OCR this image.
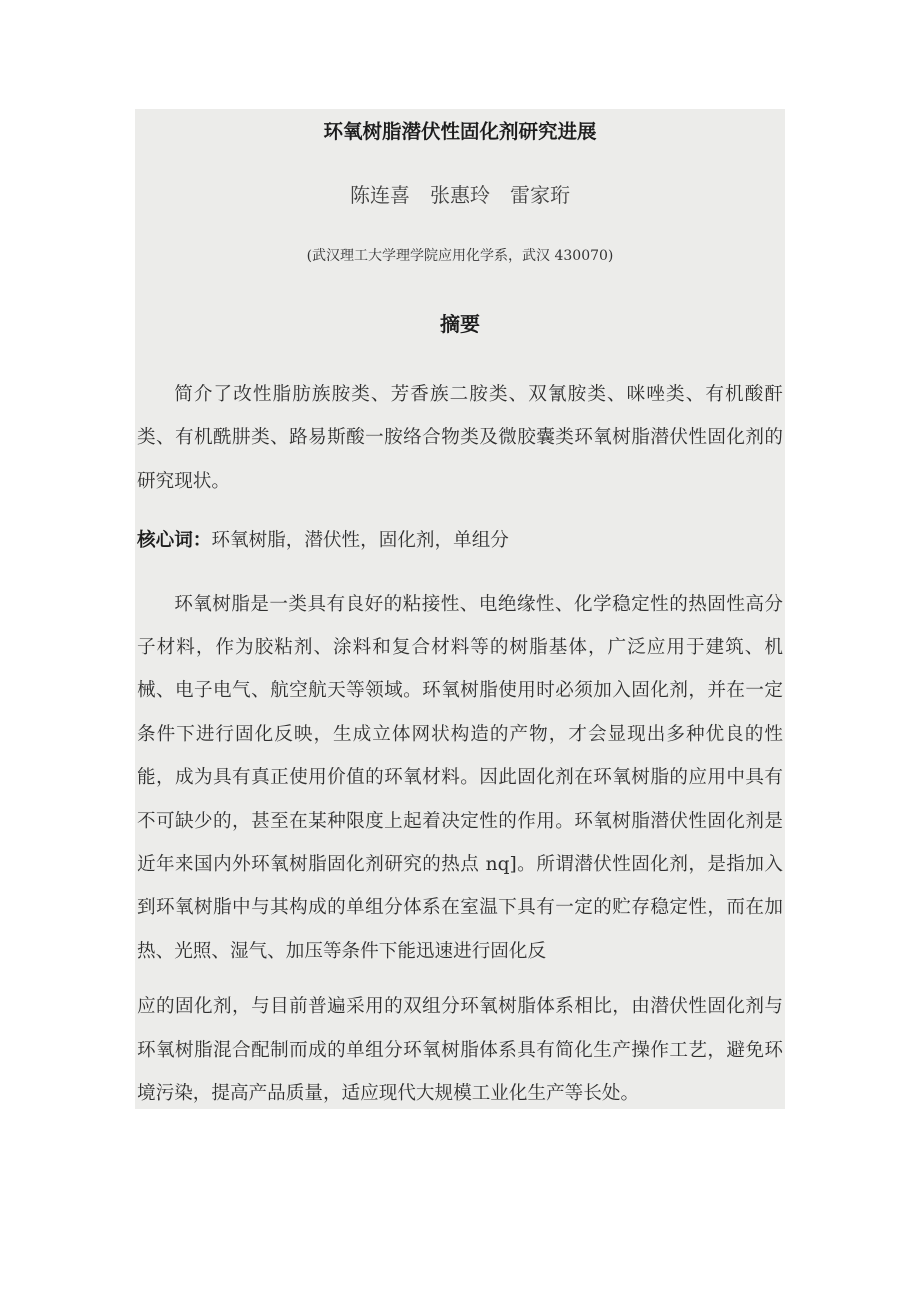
环氧树脂潜伏性固化剂研究进展
陈连喜　张惠玲　雷家珩
(武汉理工大学理学院应用化学系，武汉 430070)
摘要

简介了改性脂肪族胺类、芳香族二胺类、双氰胺类、咪唑类、有机酸酐类、有机酰肼类、路易斯酸一胺络合物类及微胶囊类环氧树脂潜伏性固化剂的研究现状。

核心词：环氧树脂，潜伏性，固化剂，单组分

环氧树脂是一类具有良好的粘接性、电绝缘性、化学稳定性的热固性高分子材料，作为胶粘剂、涂料和复合材料等的树脂基体，广泛应用于建筑、机械、电子电气、航空航天等领域。环氧树脂使用时必须加入固化剂，并在一定条件下进行固化反映，生成立体网状构造的产物，才会显现出多种优良的性能，成为具有真正使用价值的环氧材料。因此固化剂在环氧树脂的应用中具有不可缺少的，甚至在某种限度上起着决定性的作用。环氧树脂潜伏性固化剂是近年来国内外环氧树脂固化剂研究的热点 nq]。所谓潜伏性固化剂，是指加入到环氧树脂中与其构成的单组分体系在室温下具有一定的贮存稳定性，而在加热、光照、湿气、加压等条件下能迅速进行固化反

应的固化剂，与目前普遍采用的双组分环氧树脂体系相比，由潜伏性固化剂与环氧树脂混合配制而成的单组分环氧树脂体系具有简化生产操作工艺，避免环境污染，提高产品质量，适应现代大规模工业化生产等长处。
